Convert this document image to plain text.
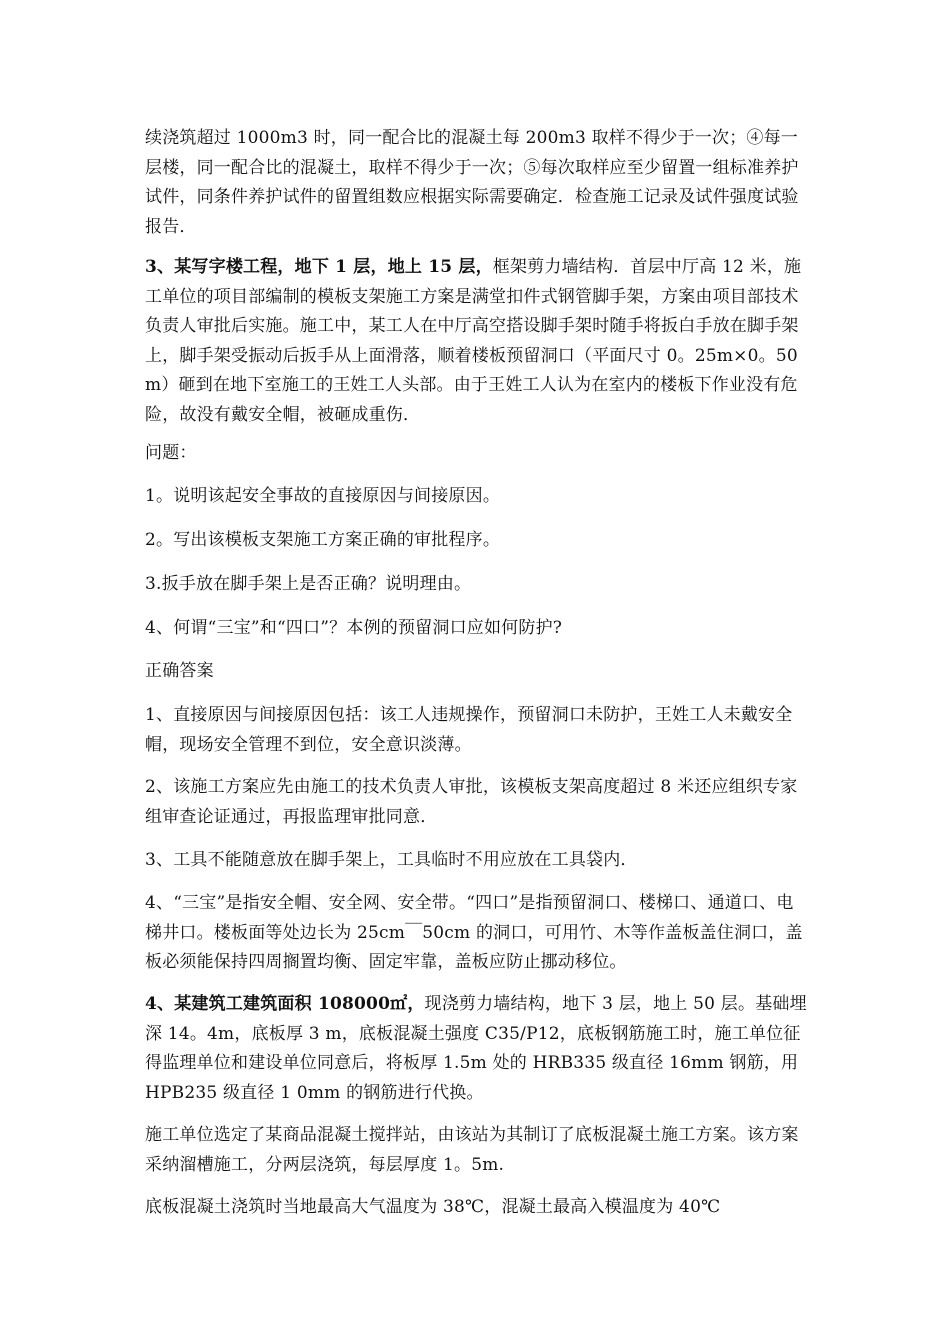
续浇筑超过 1000m3 时，同一配合比的混凝土每 200m3 取样不得少于一次；④每一层楼，同一配合比的混凝土，取样不得少于一次；⑤每次取样应至少留置一组标准养护试件，同条件养护试件的留置组数应根据实际需要确定．检查施工记录及试件强度试验报告．

3、某写字楼工程，地下 1 层，地上 15 层，框架剪力墙结构．首层中厅高 12 米，施工单位的项目部编制的模板支架施工方案是满堂扣件式钢管脚手架，方案由项目部技术负责人审批后实施。施工中，某工人在中厅高空搭设脚手架时随手将扳白手放在脚手架上，脚手架受振动后扳手从上面滑落，顺着楼板预留洞口（平面尺寸 0。25m×0。50m）砸到在地下室施工的王姓工人头部。由于王姓工人认为在室内的楼板下作业没有危险，故没有戴安全帽，被砸成重伤．

问题：

1。说明该起安全事故的直接原因与间接原因。

2。写出该模板支架施工方案正确的审批程序。

3.扳手放在脚手架上是否正确？说明理由。

4、何谓“三宝”和“四口”？本例的预留洞口应如何防护?

正确答案

1、直接原因与间接原因包括：该工人违规操作，预留洞口未防护，王姓工人未戴安全帽，现场安全管理不到位，安全意识淡薄。

2、该施工方案应先由施工的技术负责人审批，该模板支架高度超过 8 米还应组织专家组审查论证通过，再报监理审批同意．

3、工具不能随意放在脚手架上，工具临时不用应放在工具袋内．

4、“三宝”是指安全帽、安全网、安全带。“四口”是指预留洞口、楼梯口、通道口、电梯井口。楼板面等处边长为 25cm￣50cm 的洞口，可用竹、木等作盖板盖住洞口，盖板必须能保持四周搁置均衡、固定牢靠，盖板应防止挪动移位。

4、某建筑工建筑面积 108000㎡，现浇剪力墙结构，地下 3 层，地上 50 层。基础埋深 14。4m，底板厚 3 m，底板混凝土强度 C35/P12，底板钢筋施工时，施工单位征得监理单位和建设单位同意后，将板厚 1.5m 处的 HRB335 级直径 16mm 钢筋，用 HPB235 级直径 1 0mm 的钢筋进行代换。

施工单位选定了某商品混凝土搅拌站，由该站为其制订了底板混凝土施工方案。该方案采纳溜槽施工，分两层浇筑，每层厚度 1。5m.

底板混凝土浇筑时当地最高大气温度为 38℃，混凝土最高入模温度为 40℃
